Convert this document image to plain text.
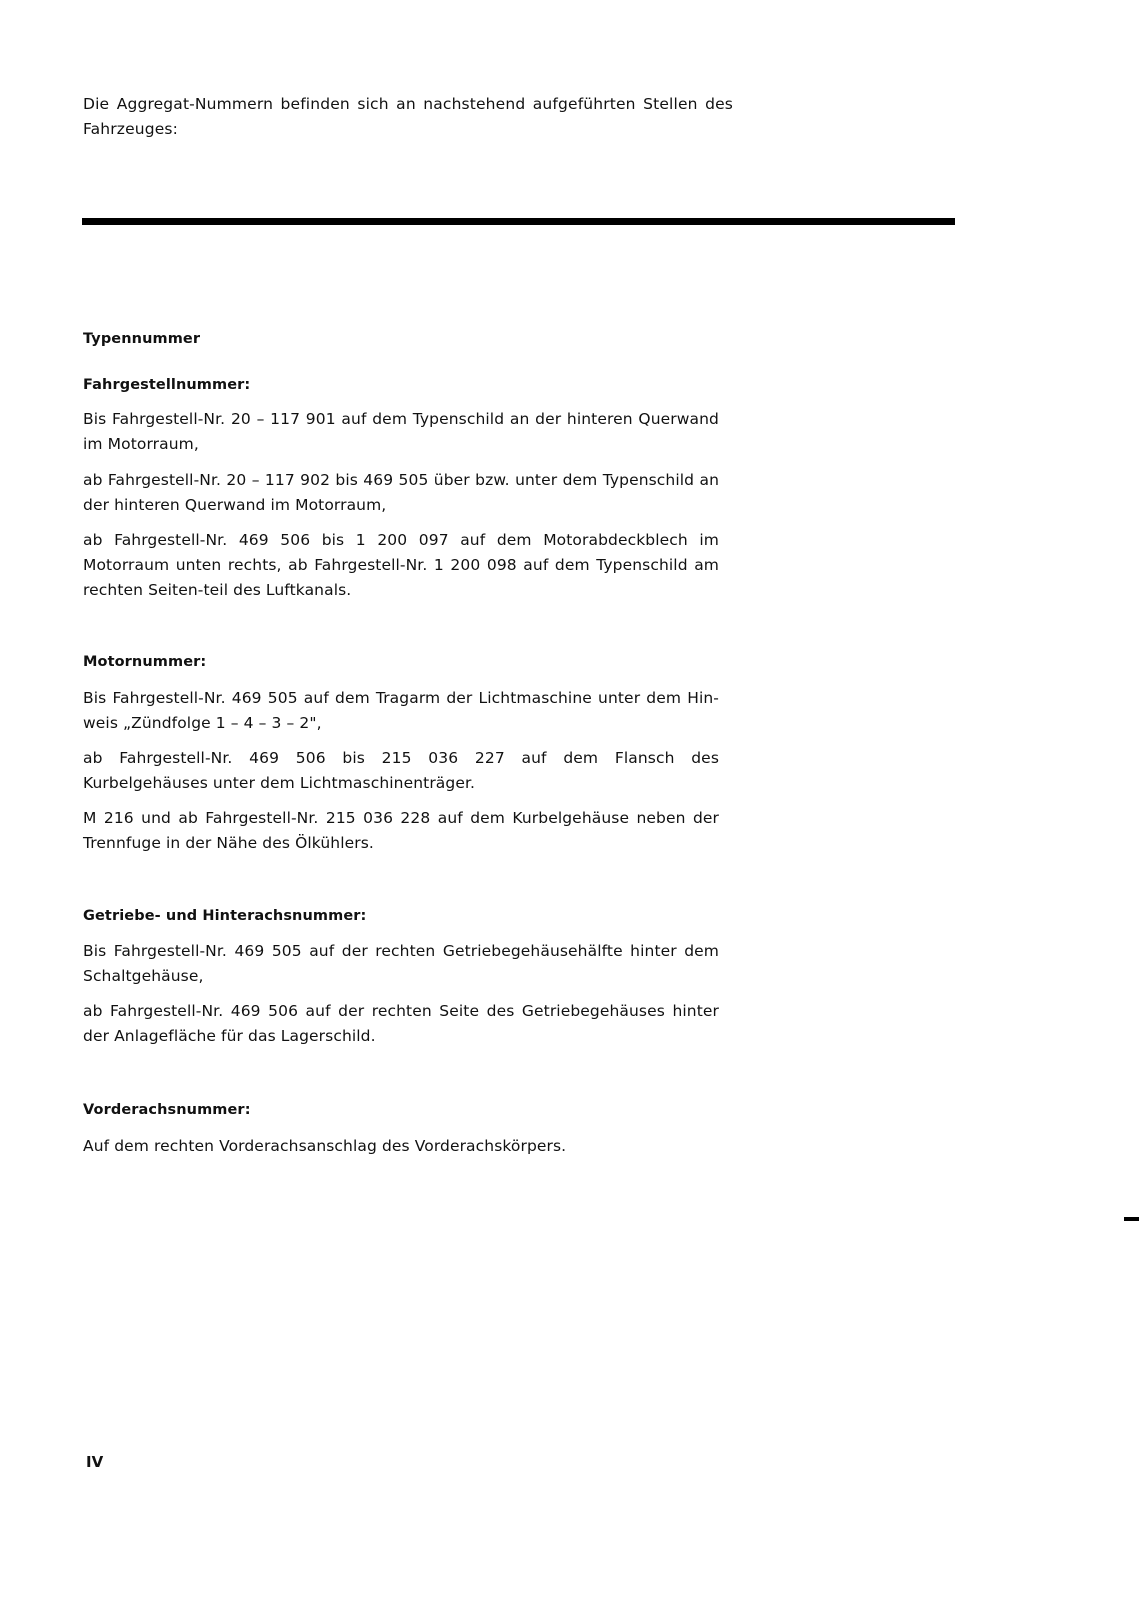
Die Aggregat-Nummern befinden sich an nachstehend aufgeführten Stellen des Fahrzeuges:

Typennummer
Fahrgestellnummer:

Bis Fahrgestell-Nr. 20 – 117 901 auf dem Typenschild an der hinteren Querwand im Motorraum,

ab Fahrgestell-Nr. 20 – 117 902 bis 469 505 über bzw. unter dem Typenschild an der hinteren Querwand im Motorraum,

ab Fahrgestell-Nr. 469 506 bis 1 200 097 auf dem Motorabdeckblech im Motorraum unten rechts, ab Fahrgestell-Nr. 1 200 098 auf dem Typenschild am rechten Seiten-teil des Luftkanals.

Motornummer:

Bis Fahrgestell-Nr. 469 505 auf dem Tragarm der Lichtmaschine unter dem Hin-weis „Zündfolge 1 – 4 – 3 – 2",

ab Fahrgestell-Nr. 469 506 bis 215 036 227 auf dem Flansch des Kurbelgehäuses unter dem Lichtmaschinenträger.

M 216 und ab Fahrgestell-Nr. 215 036 228 auf dem Kurbelgehäuse neben der Trennfuge in der Nähe des Ölkühlers.

Getriebe- und Hinterachsnummer:

Bis Fahrgestell-Nr. 469 505 auf der rechten Getriebegehäusehälfte hinter dem Schaltgehäuse,

ab Fahrgestell-Nr. 469 506 auf der rechten Seite des Getriebegehäuses hinter der Anlagefläche für das Lagerschild.

Vorderachsnummer:

Auf dem rechten Vorderachsanschlag des Vorderachskörpers.

IV
